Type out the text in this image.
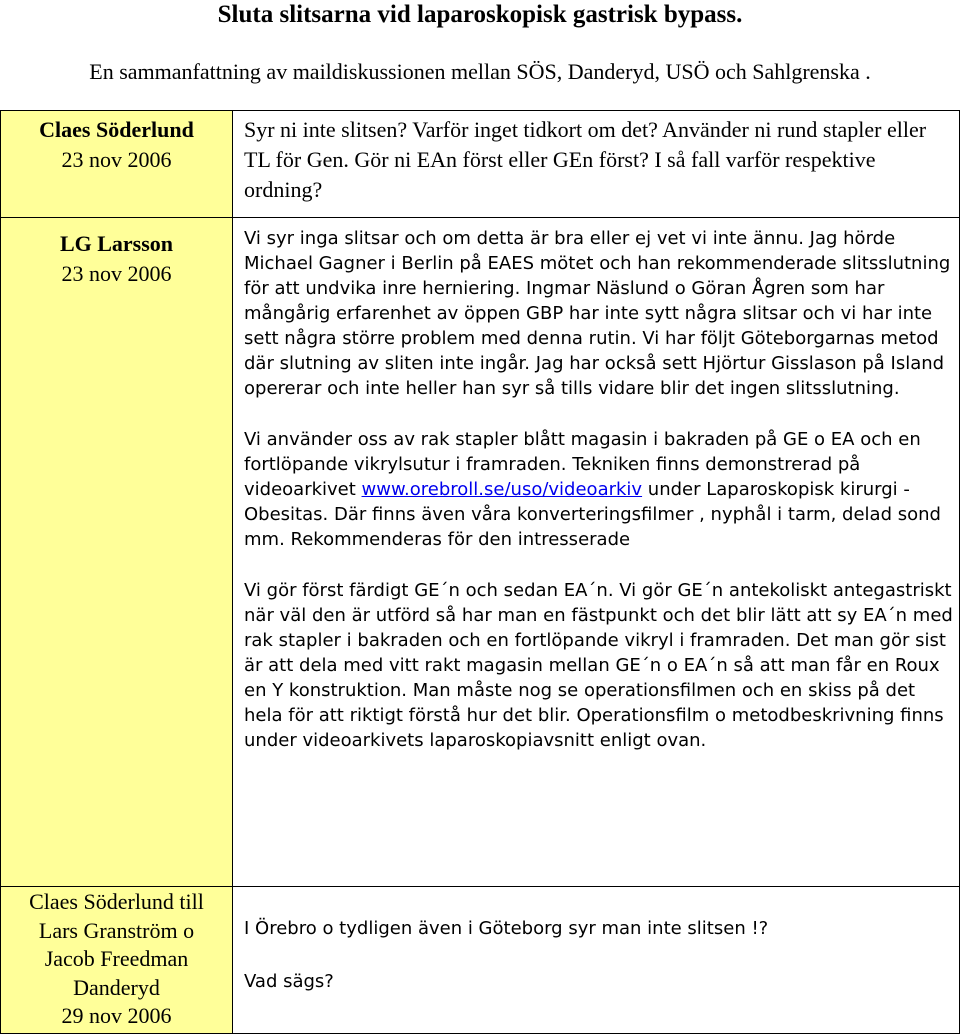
Sluta slitsarna vid laparoskopisk gastrisk bypass.
En sammanfattning av maildiskussionen mellan SÖS, Danderyd, USÖ och Sahlgrenska .
Claes Söderlund
23 nov 2006

Syr ni inte slitsen? Varför inget tidkort om det? Använder ni rund stapler eller TL för Gen. Gör ni EAn först eller GEn först? I så fall varför respektive ordning?

LG Larsson
23 nov 2006

Vi syr inga slitsar och om detta är bra eller ej vet vi inte ännu. Jag hörde Michael Gagner i Berlin på EAES mötet och han rekommenderade slitsslutning för att undvika inre herniering. Ingmar Näslund o Göran Ågren som har mångårig erfarenhet av öppen GBP har inte sytt några slitsar och vi har inte sett några större problem med denna rutin. Vi har följt Göteborgarnas metod där slutning av sliten inte ingår. Jag har också sett Hjörtur Gisslason på Island opererar och inte heller han syr så tills vidare blir det ingen slitsslutning.

Vi använder oss av rak stapler blått magasin i bakraden på GE o EA och en fortlöpande vikrylsutur i framraden. Tekniken finns demonstrerad på videoarkivet www.orebroll.se/uso/videoarkiv under Laparoskopisk kirurgi - Obesitas. Där finns även våra konverteringsfilmer , nyphål i tarm, delad sond mm. Rekommenderas för den intresserade

Vi gör först färdigt GE´n och sedan EA´n. Vi gör GE´n antekoliskt antegastriskt när väl den är utförd så har man en fästpunkt och det blir lätt att sy EA´n med rak stapler i bakraden och en fortlöpande vikryl i framraden. Det man gör sist är att dela med vitt rakt magasin mellan GE´n o EA´n så att man får en Roux en Y konstruktion. Man måste nog se operationsfilmen och en skiss på det hela för att riktigt förstå hur det blir. Operationsfilm o metodbeskrivning finns under videoarkivets laparoskopiavsnitt enligt ovan.

Claes Söderlund till
Lars Granström o
Jacob Freedman
Danderyd
29 nov 2006

I Örebro o tydligen även i Göteborg syr man inte slitsen !?

Vad sägs?
